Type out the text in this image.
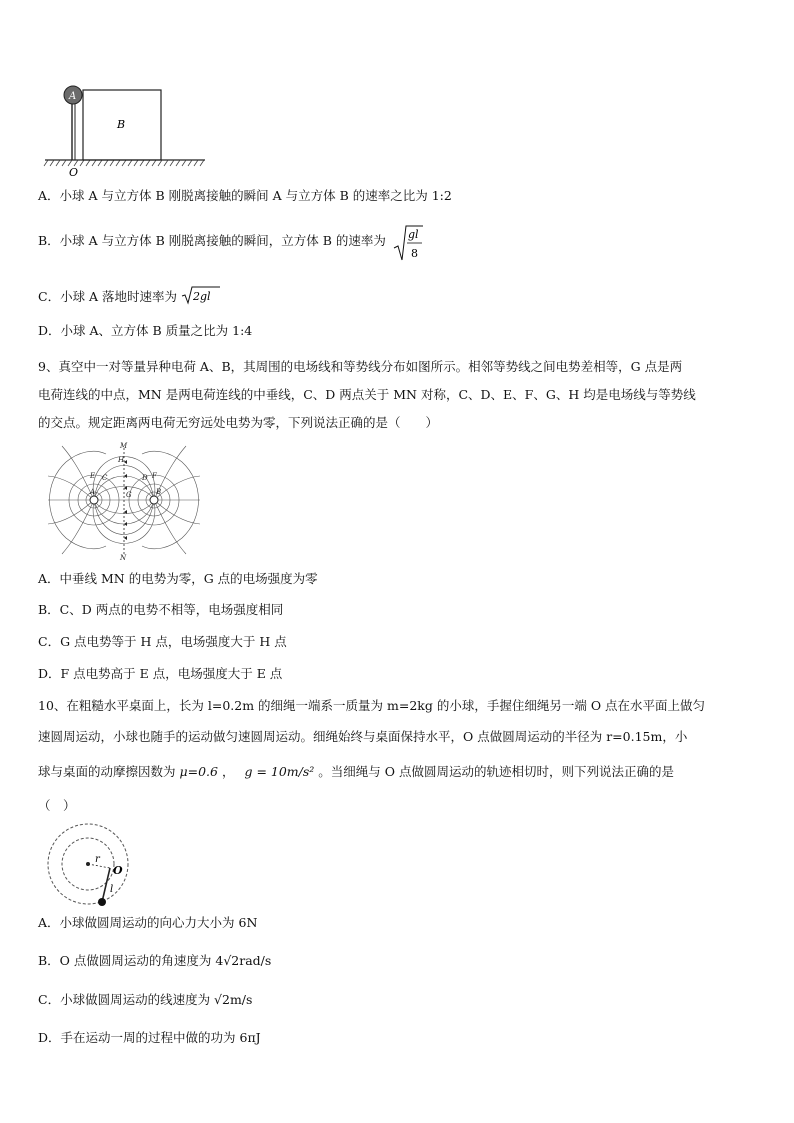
A
B
O
A．小球 A 与立方体 B 刚脱离接触的瞬间 A 与立方体 B 的速率之比为 1:2
B．小球 A 与立方体 B 刚脱离接触的瞬间，立方体 B 的速率为 gl
8
C．小球 A 落地时速率为 2gl
D．小球 A、立方体 B 质量之比为 1:4
9、真空中一对等量异种电荷 A、B，其周围的电场线和等势线分布如图所示。相邻等势线之间电势差相等，G 点是两
电荷连线的中点，MN 是两电荷连线的中垂线，C、D 两点关于 MN 对称，C、D、E、F、G、H 均是电场线与等势线
的交点。规定距离两电荷无穷远处电势为零，下列说法正确的是（　　）
M
N
H
G
A	B
C	D
E	F
A．中垂线 MN 的电势为零，G 点的电场强度为零
B．C、D 两点的电势不相等，电场强度相同
C．G 点电势等于 H 点，电场强度大于 H 点
D．F 点电势高于 E 点，电场强度大于 E 点
10、在粗糙水平桌面上，长为 l=0.2m 的细绳一端系一质量为 m=2kg 的小球，手握住细绳另一端 O 点在水平面上做匀
速圆周运动，小球也随手的运动做匀速圆周运动。细绳始终与桌面保持水平，O 点做圆周运动的半径为 r=0.15m，小
球与桌面的动摩擦因数为 μ=0.6 ， g = 10m/s² 。当细绳与 O 点做圆周运动的轨迹相切时，则下列说法正确的是
（　）
r
O
l
A．小球做圆周运动的向心力大小为 6N
B．O 点做圆周运动的角速度为 4√2rad/s
C．小球做圆周运动的线速度为 √2m/s
D．手在运动一周的过程中做的功为 6πJ
